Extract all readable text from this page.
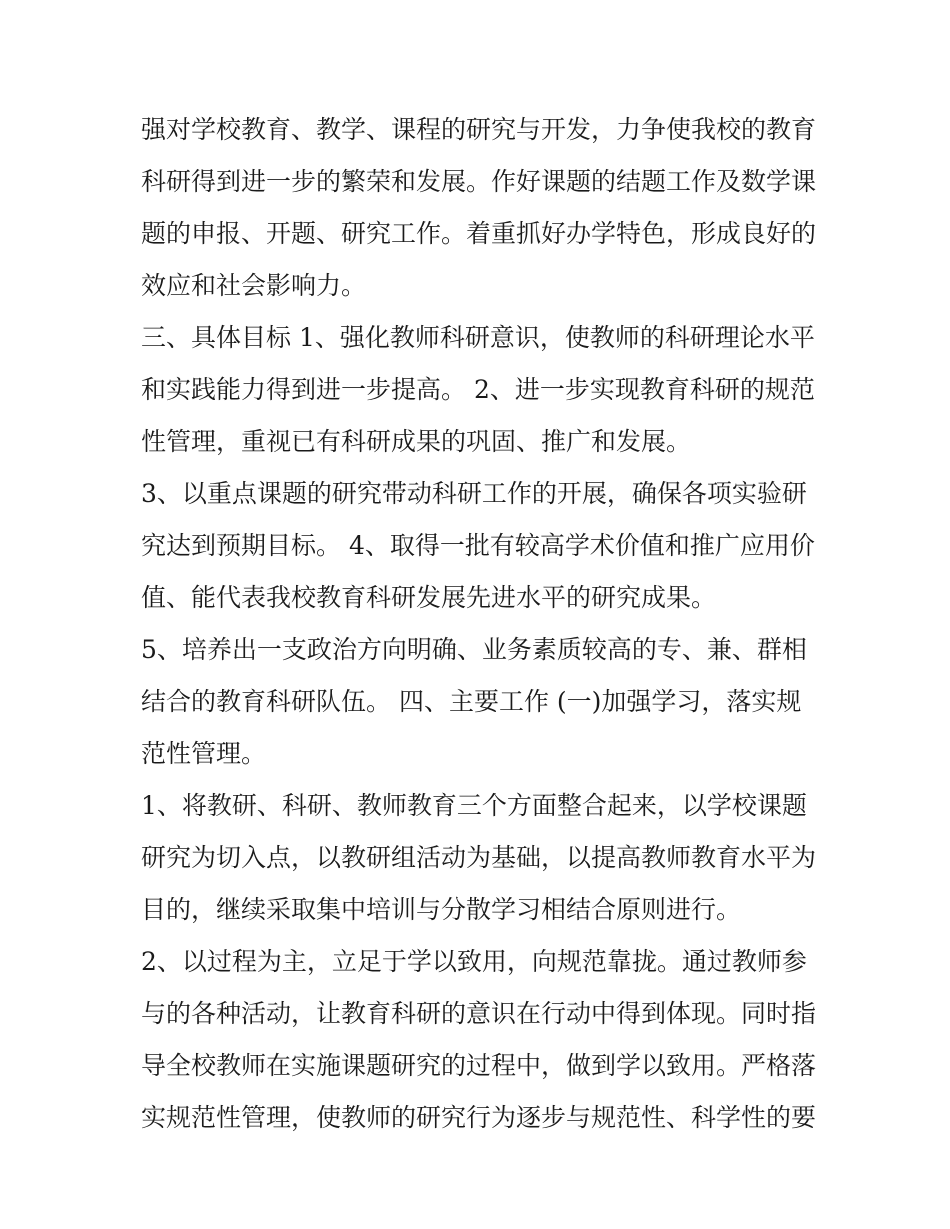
强对学校教育、教学、课程的研究与开发，力争使我校的教育
科研得到进一步的繁荣和发展。作好课题的结题工作及数学课
题的申报、开题、研究工作。着重抓好办学特色，形成良好的
效应和社会影响力。

三、具体目标 1、强化教师科研意识，使教师的科研理论水平
和实践能力得到进一步提高。 2、进一步实现教育科研的规范
性管理，重视已有科研成果的巩固、推广和发展。

3、以重点课题的研究带动科研工作的开展，确保各项实验研
究达到预期目标。 4、取得一批有较高学术价值和推广应用价
值、能代表我校教育科研发展先进水平的研究成果。

5、培养出一支政治方向明确、业务素质较高的专、兼、群相
结合的教育科研队伍。 四、主要工作 (一)加强学习，落实规
范性管理。

1、将教研、科研、教师教育三个方面整合起来，以学校课题
研究为切入点，以教研组活动为基础，以提高教师教育水平为
目的，继续采取集中培训与分散学习相结合原则进行。

2、以过程为主，立足于学以致用，向规范靠拢。通过教师参
与的各种活动，让教育科研的意识在行动中得到体现。同时指
导全校教师在实施课题研究的过程中，做到学以致用。严格落
实规范性管理，使教师的研究行为逐步与规范性、科学性的要
